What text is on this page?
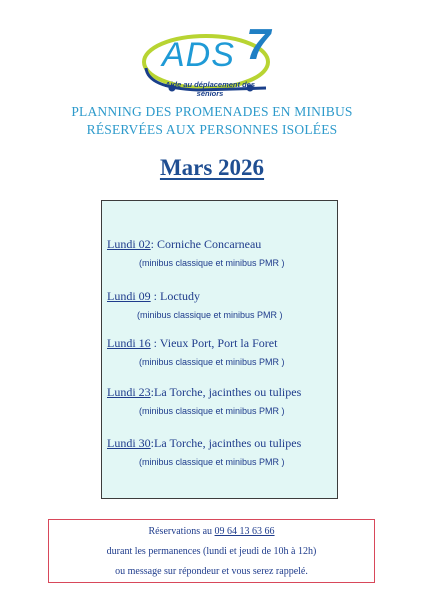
ADS 7
Aide au déplacement des séniors
PLANNING DES PROMENADES EN MINIBUS
RÉSERVÉES AUX PERSONNES ISOLÉES
Mars 2026
Lundi 02: Corniche Concarneau
(minibus classique et minibus PMR )
Lundi 09 : Loctudy
(minibus classique et minibus PMR )
Lundi 16 : Vieux Port, Port la Foret
(minibus classique et minibus PMR )
Lundi 23:La Torche, jacinthes ou tulipes
(minibus classique et minibus PMR )
Lundi 30:La Torche, jacinthes ou tulipes
(minibus classique et minibus PMR )
Réservations au 09 64 13 63 66
durant les permanences (lundi et jeudi de 10h à 12h)
ou message sur répondeur et vous serez rappelé.
